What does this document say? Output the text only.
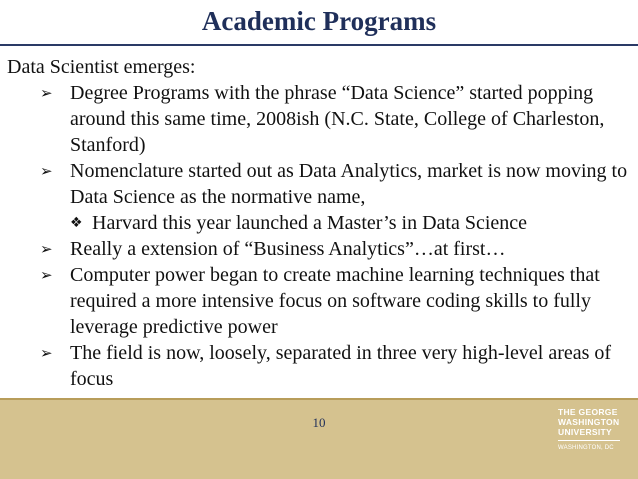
Academic Programs
Data Scientist emerges:
➢ Degree Programs with the phrase “Data Science” started popping around this same time, 2008ish (N.C. State, College of Charleston, Stanford)
➢ Nomenclature started out as Data Analytics, market is now moving to Data Science as the normative name,
❖ Harvard this year launched a Master’s in Data Science
➢ Really a extension of “Business Analytics”…at first…
➢ Computer power began to create machine learning techniques that required a more intensive focus on software coding skills to fully leverage predictive power
➢ The field is now, loosely, separated in three very high-level areas of focus
10
THE GEORGE
WASHINGTON
UNIVERSITY
WASHINGTON, DC
